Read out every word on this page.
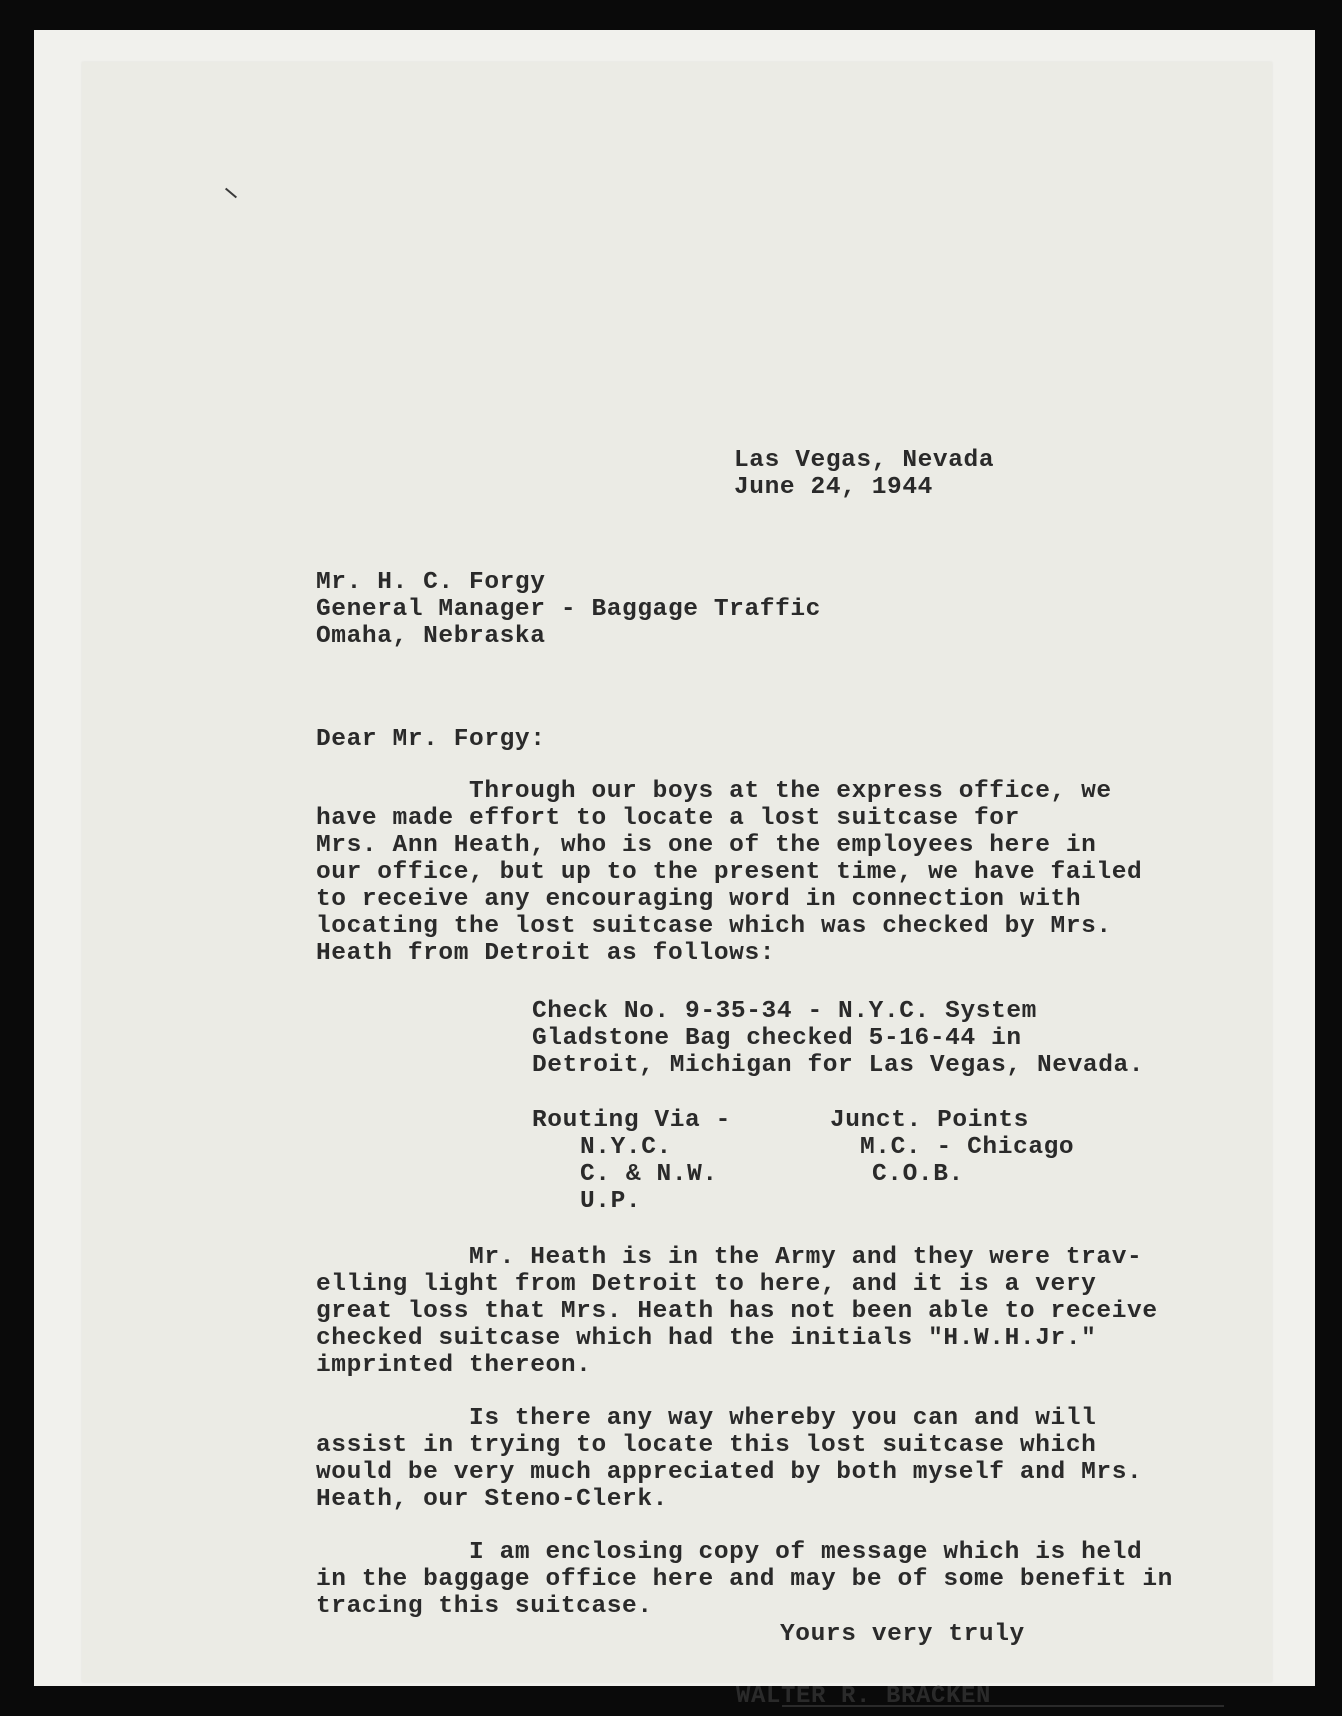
Las Vegas, Nevada
June 24, 1944
Mr. H. C. Forgy
General Manager - Baggage Traffic
Omaha, Nebraska
Dear Mr. Forgy:
Through our boys at the express office, we
have made effort to locate a lost suitcase for
Mrs. Ann Heath, who is one of the employees here in
our office, but up to the present time, we have failed
to receive any encouraging word in connection with
locating the lost suitcase which was checked by Mrs.
Heath from Detroit as follows:
Check No. 9-35-34 - N.Y.C. System
Gladstone Bag checked 5-16-44 in
Detroit, Michigan for Las Vegas, Nevada.
Routing Via -
N.Y.C.
C. & N.W.
U.P.
Junct. Points
M.C. - Chicago
C.O.B.
Mr. Heath is in the Army and they were trav-
elling light from Detroit to here, and it is a very
great loss that Mrs. Heath has not been able to receive
checked suitcase which had the initials "H.W.H.Jr."
imprinted thereon.
Is there any way whereby you can and will
assist in trying to locate this lost suitcase which
would be very much appreciated by both myself and Mrs.
Heath, our Steno-Clerk.
I am enclosing copy of message which is held
in the baggage office here and may be of some benefit in
tracing this suitcase.
Yours very truly
WALTER R. BRACKEN
